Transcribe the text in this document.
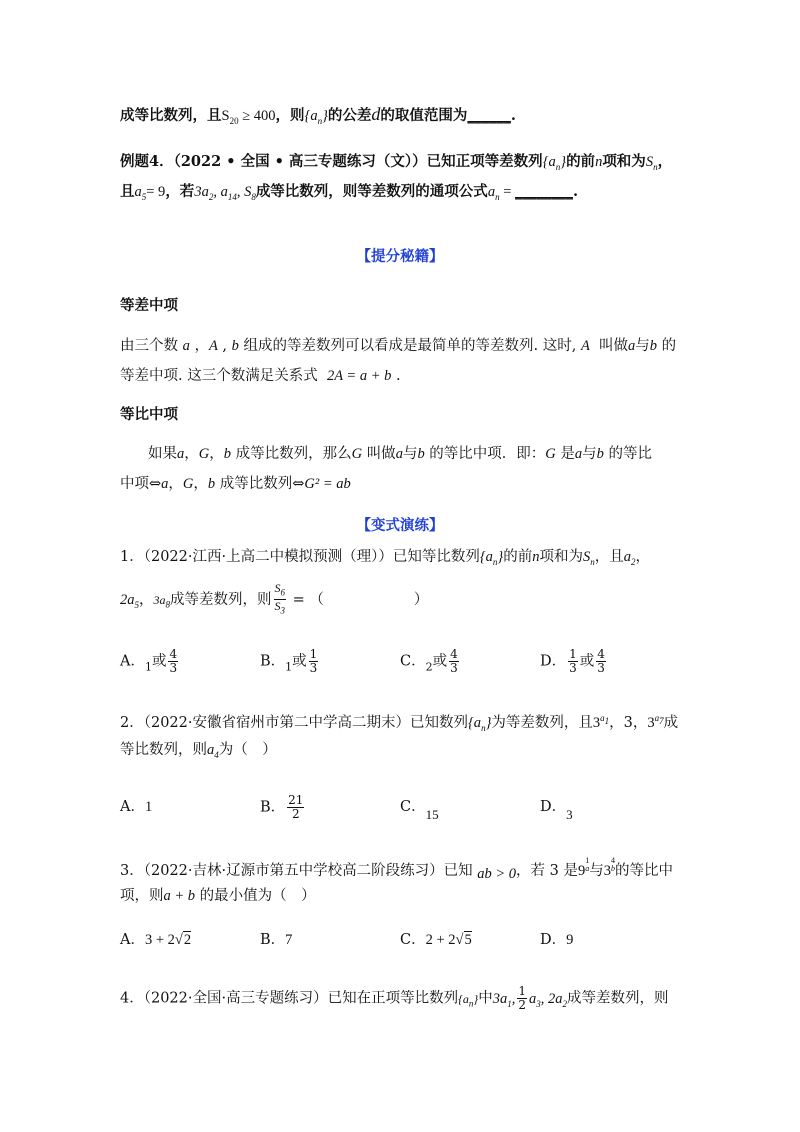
成等比数列，且$S_{20} \ge 400$，则$\{a_n\}$的公差d的取值范围为______.
例题4．（2022 • 全国 • 高三专题练习（文））已知正项等差数列$\{a_n\}$的前n项和为$S_n$，
且$a_5= 9$，若$3a_2$, $a_{14}$, $S_8$成等比数列，则等差数列的通项公式$a_n$ = ________.
【提分秘籍】
等差中项
由三个数 a ，A , b 组成的等差数列可以看成是最简单的等差数列. 这时, A 叫做a与b 的
等差中项. 这三个数满足关系式 2A = a + b .
等比中项
如果a，G，b 成等比数列，那么G 叫做a与b 的等比中项．即：G 是a与b 的等比
中项⇔a，G，b 成等比数列⇔G² = ab
【变式演练】
1．（2022·江西·上高二中模拟预测（理））已知等比数列$\{a_n\}$的前n项和为$S_n$，且$a_2$，
$2a_5$，$3a_8$成等差数列，则 $\frac{S_6}{S_3}$ = （	）
A．$_1$或 $\frac{4}{3}$	B．$_1$或 $\frac{1}{3}$	C．$_2$或 $\frac{4}{3}$	D． $\frac{1}{3}$ 或 $\frac{4}{3}$
2．（2022·安徽省宿州市第二中学高二期末）已知数列$\{a_n\}$为等差数列，且$3^{a_1}$，3，$3^{a_7}$成
等比数列，则$a_4$为（　）
A．1	B． $\frac{21}{2}$	C．15	D．3
3．（2022·吉林·辽源市第五中学校高二阶段练习）已知 ab > 0，若 3 是9
$^{1 a}$ 与3
$^{4 b}$ 的等比中
项，则a + b 的最小值为（　）
A．3 + 2√2	B．7	C．2 + 2√5	D．9
4．（2022·全国·高三专题练习）已知在正项等比数列$\{a_n\}$中$3a_1$, $\frac{1}{2} a_3$, $2a_2$成等差数列，则
